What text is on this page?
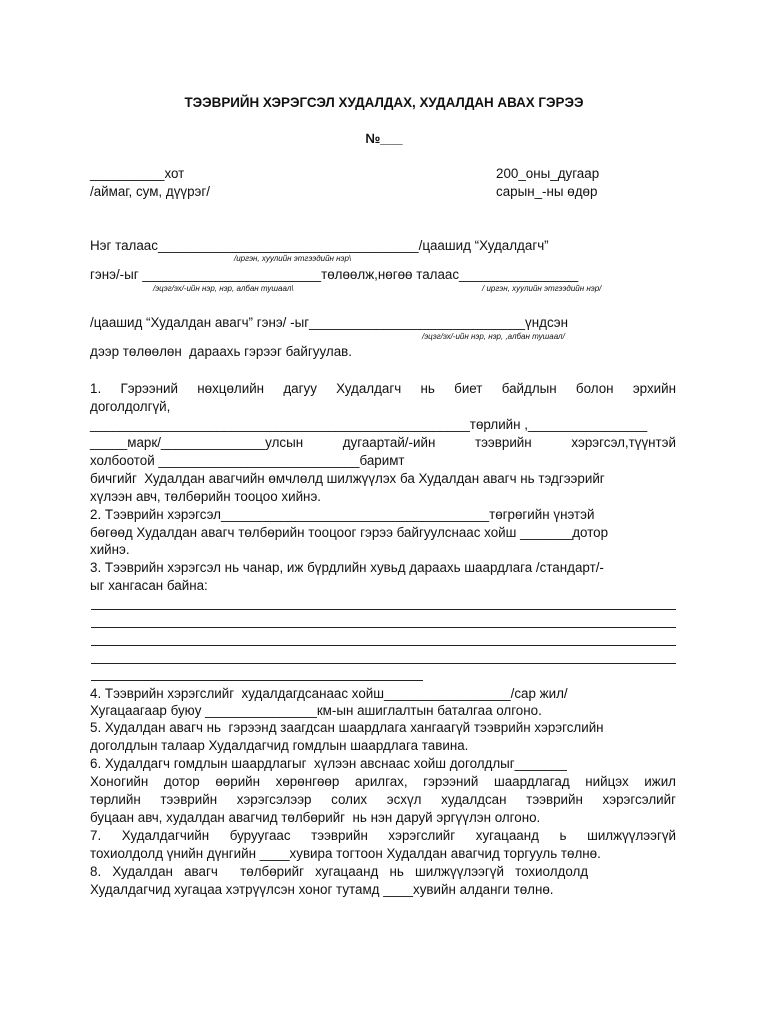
ТЭЭВРИЙН ХЭРЭГСЭЛ ХУДАЛДАХ, ХУДАЛДАН АВАХ ГЭРЭЭ
№___
__________хот
/аймаг, сум, дүүрэг/
200_оны_дугаар
сарын_-ны өдөр
Нэг талаас___________________________________/цаашид “Худалдагч”
/иргэн, хуулийн этгээдийн нэр\
гэнэ/-ыг ________________________төлөөлж,нөгөө талаас________________
/эцэг/эх/-ийн нэр, нэр, албан тушаал\	/ иргэн, хуулийн этгээдийн нэр/
/цаашид “Худалдан авагч” гэнэ/ -ыг_____________________________үндсэн
/эцэг/эх/-ийн нэр, нэр, ,албан тушаал/
дээр төлөөлөн  дараахь гэрээг байгуулав.
1. Гэрээний нөхцөлийн дагуу Худалдагч нь биет байдлын болон эрхийн
доголдолгүй,
___________________________________________________төрлийн ,________________
_____марк/______________улсын дугаартай/-ийн тээврийн хэрэгсэл,түүнтэй
холбоотой ___________________________баримт
бичгийг  Худалдан авагчийн өмчлөлд шилжүүлэх ба Худалдан авагч нь тэдгээрийг
хүлээн авч, төлбөрийн тооцоо хийнэ.
2. Тээврийн хэрэгсэл____________________________________төгрөгийн үнэтэй
бөгөөд Худалдан авагч төлбөрийн тооцоог гэрээ байгуулснаас хойш _______дотор
хийнэ.
3. Тээврийн хэрэгсэл нь чанар, иж бүрдлийн хувьд дараахь шаардлага /стандарт/-
ыг хангасан байна:
4. Тээврийн хэрэгслийг  худалдагдсанаас хойш_________________/сар жил/
Хугацаагаар буюу _______________км-ын ашиглалтын баталгаа олгоно.
5. Худалдан авагч нь  гэрээнд заагдсан шаардлага хангаагүй тээврийн хэрэгслийн
доголдлын талаар Худалдагчид гомдлын шаардлага тавина.
6. Худалдагч гомдлын шаардлагыг  хүлээн авснаас хойш доголдлыг_______
Хоногийн дотор өөрийн хөрөнгөөр арилгах, гэрээний шаардлагад нийцэх ижил
төрлийн тээврийн хэрэгсэлээр солих эсхүл худалдсан тээврийн хэрэгсэлийг
буцаан авч, худалдан авагчид төлбөрийг  нь нэн даруй эргүүлэн олгоно.
7. Худалдагчийн буруугаас тээврийн хэрэгслийг хугацаанд ь шилжүүлээгүй
тохиолдолд үнийн дүнгийн ____хувира тогтоон Худалдан авагчид торгууль төлнө.
8.   Худалдан   авагч      төлбөрийг   хугацаанд   нь   шилжүүлээгүй   тохиолдолд
Худалдагчид хугацаа хэтрүүлсэн хоног тутамд ____хувийн алданги төлнө.
